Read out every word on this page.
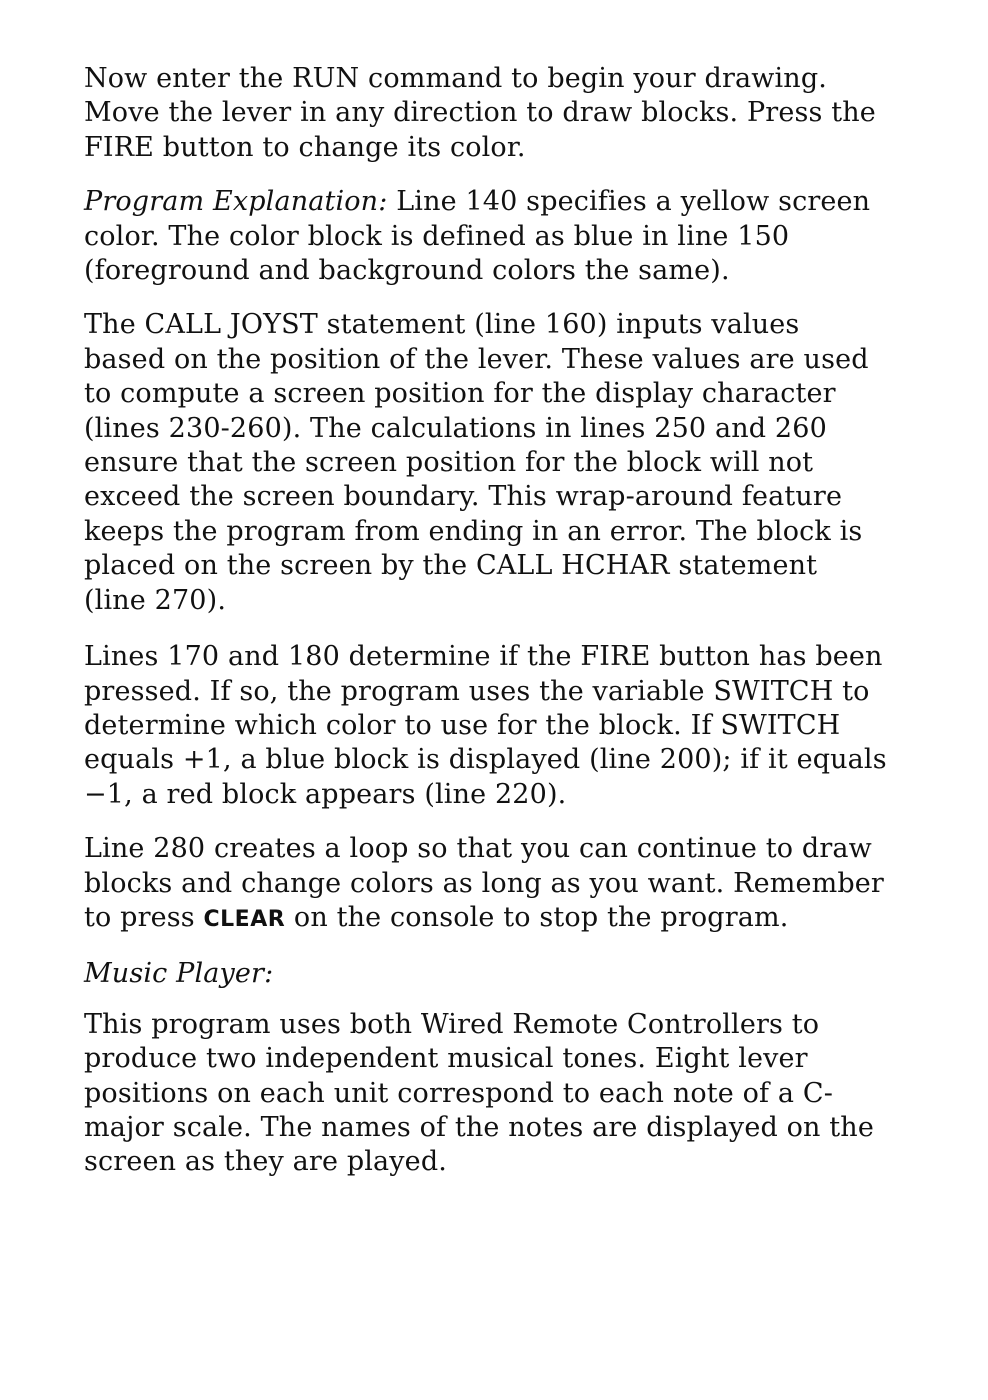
Now enter the RUN command to begin your drawing.
Move the lever in any direction to draw blocks. Press the
FIRE button to change its color.

Program Explanation: Line 140 specifies a yellow screen
color. The color block is defined as blue in line 150
(foreground and background colors the same).

The CALL JOYST statement (line 160) inputs values
based on the position of the lever. These values are used
to compute a screen position for the display character
(lines 230-260). The calculations in lines 250 and 260
ensure that the screen position for the block will not
exceed the screen boundary. This wrap-around feature
keeps the program from ending in an error. The block is
placed on the screen by the CALL HCHAR statement
(line 270).

Lines 170 and 180 determine if the FIRE button has been
pressed. If so, the program uses the variable SWITCH to
determine which color to use for the block. If SWITCH
equals +1, a blue block is displayed (line 200); if it equals
−1, a red block appears (line 220).

Line 280 creates a loop so that you can continue to draw
blocks and change colors as long as you want. Remember
to press CLEAR on the console to stop the program.

Music Player:

This program uses both Wired Remote Controllers to
produce two independent musical tones. Eight lever
positions on each unit correspond to each note of a C-
major scale. The names of the notes are displayed on the
screen as they are played.
